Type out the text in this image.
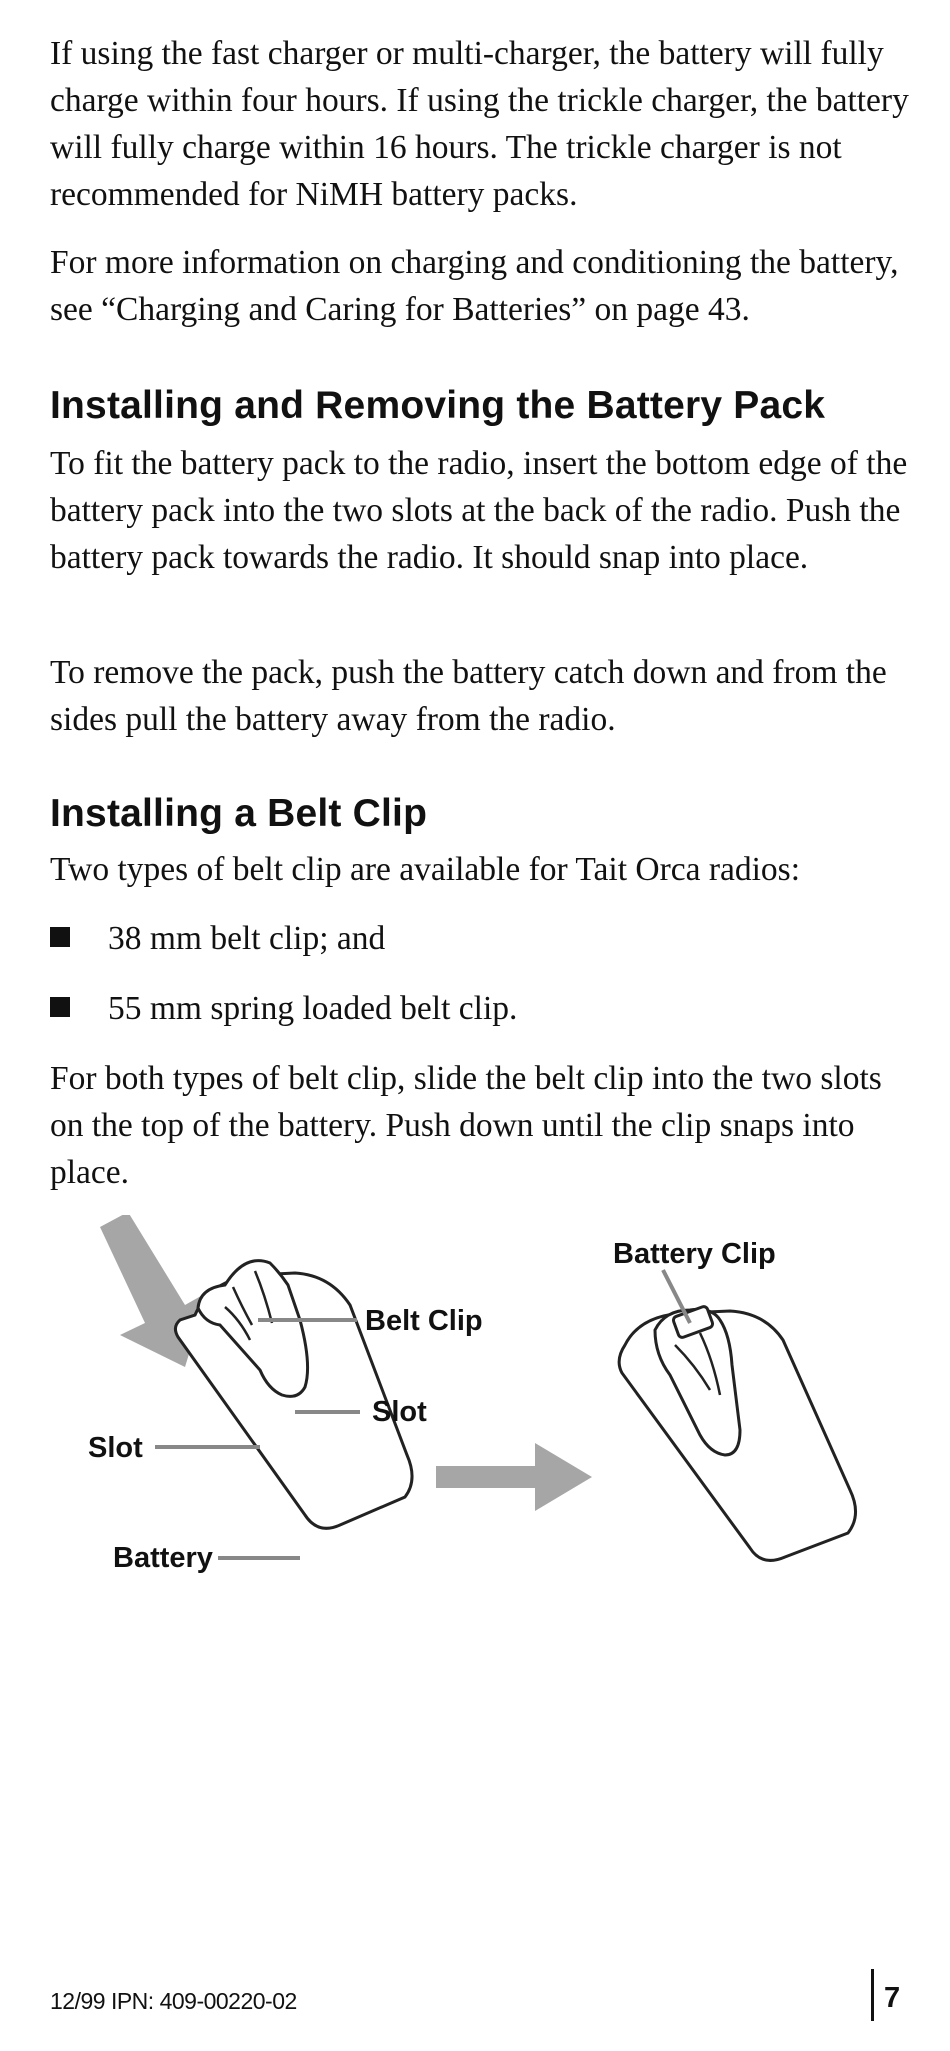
If using the fast charger or multi-charger, the battery will fully charge within four hours. If using the trickle charger, the battery will fully charge within 16 hours. The trickle charger is not recommended for NiMH battery packs.

For more information on charging and conditioning the battery, see “Charging and Caring for Batteries” on page 43.

Installing and Removing the Battery Pack

To fit the battery pack to the radio, insert the bottom edge of the battery pack into the two slots at the back of the radio. Push the battery pack towards the radio. It should snap into place.

To remove the pack, push the battery catch down and from the sides pull the battery away from the radio.

Installing a Belt Clip

Two types of belt clip are available for Tait Orca radios:

38 mm belt clip; and
55 mm spring loaded belt clip.

For both types of belt clip, slide the belt clip into the two slots on the top of the battery. Push down until the clip snaps into place.

Belt Clip
Slot
Slot
Battery
Battery Clip
12/99 IPN: 409-00220-02	7
